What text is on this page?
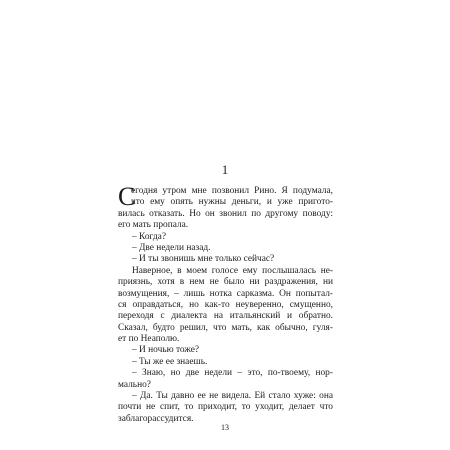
1
С
егодня утром мне позвонил Рино. Я подумала,
что ему опять нужны деньги, и уже пригото-
вилась отказать. Но он звонил по другому поводу:
его мать пропала.
– Когда?
– Две недели назад.
– И ты звонишь мне только сейчас?
Наверное, в моем голосе ему послышалась не-
приязнь, хотя в нем не было ни раздражения, ни
возмущения, – лишь нотка сарказма. Он попытал-
ся оправдаться, но как-то неуверенно, смущенно,
переходя с диалекта на итальянский и обратно.
Сказал, будто решил, что мать, как обычно, гуля-
ет по Неаполю.
– И ночью тоже?
– Ты же ее знаешь.
– Знаю, но две недели – это, по-твоему, нор-
мально?
– Да. Ты давно ее не видела. Ей стало хуже: она
почти не спит, то приходит, то уходит, делает что
заблагорассудится.
13
